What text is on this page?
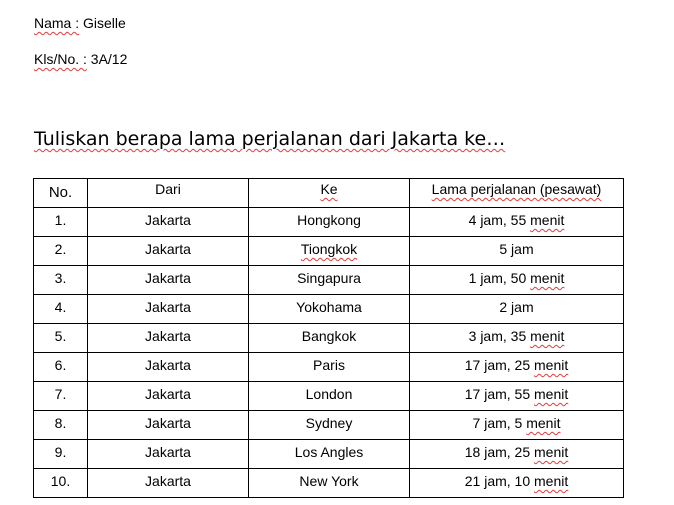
Nama : Giselle
Kls/No. : 3A/12
Tuliskan berapa lama perjalanan dari Jakarta ke…
No.	Dari	Ke	Lama perjalanan (pesawat)
1.	Jakarta	Hongkong	4 jam, 55 menit
2.	Jakarta	Tiongkok	5 jam
3.	Jakarta	Singapura	1 jam, 50 menit
4.	Jakarta	Yokohama	2 jam
5.	Jakarta	Bangkok	3 jam, 35 menit
6.	Jakarta	Paris	17 jam, 25 menit
7.	Jakarta	London	17 jam, 55 menit
8.	Jakarta	Sydney	7 jam, 5 menit
9.	Jakarta	Los Angles	18 jam, 25 menit
10.	Jakarta	New York	21 jam, 10 menit
